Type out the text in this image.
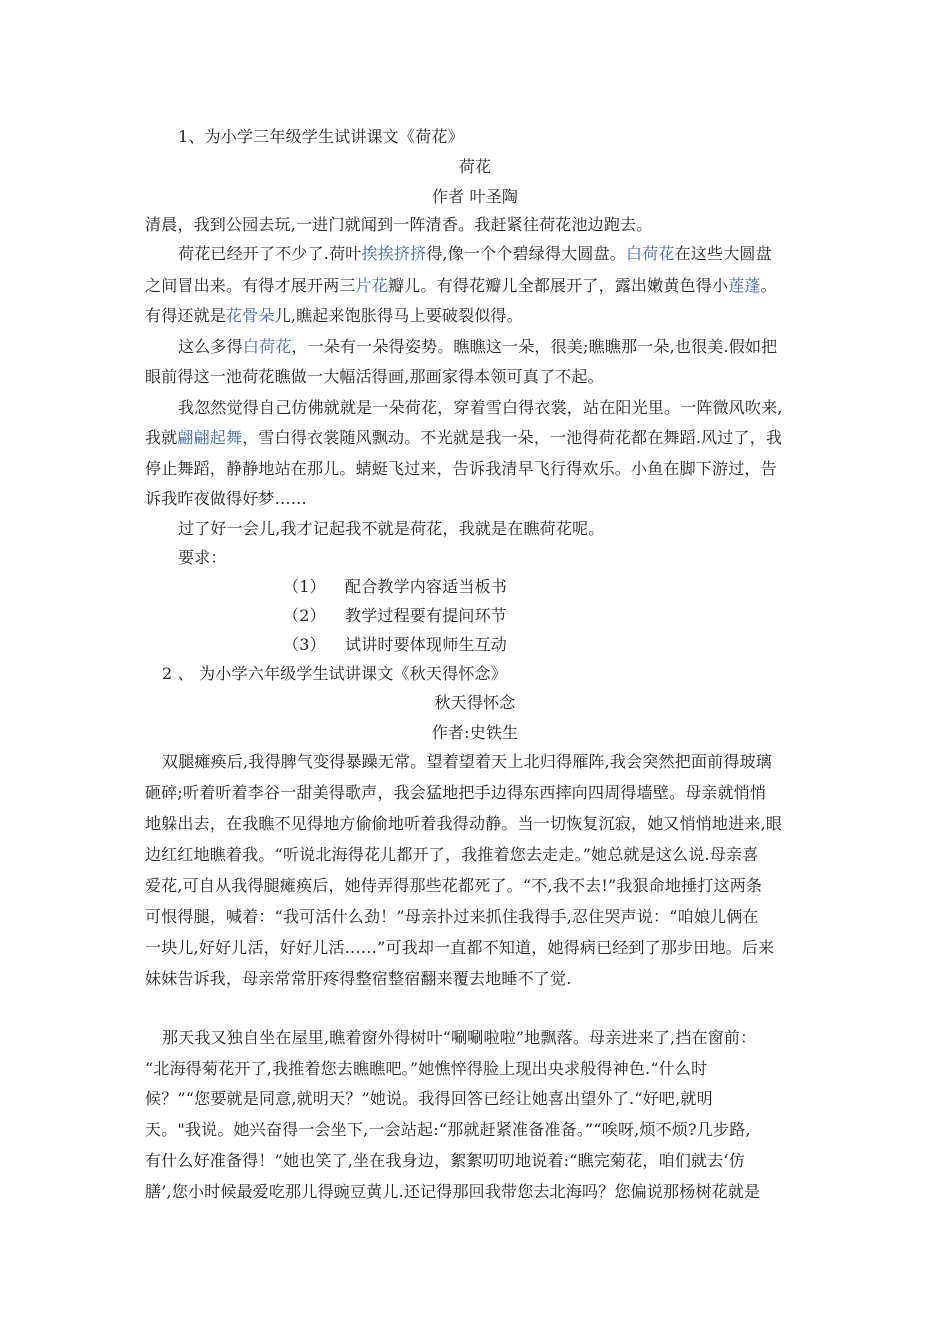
1、为小学三年级学生试讲课文《荷花》
荷花
作者 叶圣陶
清晨，我到公园去玩,一进门就闻到一阵清香。我赶紧往荷花池边跑去。
荷花已经开了不少了.荷叶挨挨挤挤得,像一个个碧绿得大圆盘。白荷花在这些大圆盘
之间冒出来。有得才展开两三片花瓣儿。有得花瓣儿全都展开了，露出嫩黄色得小莲蓬。
有得还就是花骨朵儿,瞧起来饱胀得马上要破裂似得。
这么多得白荷花，一朵有一朵得姿势。瞧瞧这一朵，很美;瞧瞧那一朵,也很美.假如把
眼前得这一池荷花瞧做一大幅活得画,那画家得本领可真了不起。
我忽然觉得自己仿佛就就是一朵荷花，穿着雪白得衣裳，站在阳光里。一阵微风吹来,
我就翩翩起舞，雪白得衣裳随风飘动。不光就是我一朵，一池得荷花都在舞蹈.风过了，我
停止舞蹈，静静地站在那儿。蜻蜓飞过来，告诉我清早飞行得欢乐。小鱼在脚下游过，告
诉我昨夜做得好梦……
过了好一会儿,我才记起我不就是荷花，我就是在瞧荷花呢。
要求：
（1） 配合教学内容适当板书
（2） 教学过程要有提问环节
（3） 试讲时要体现师生互动
2 、 为小学六年级学生试讲课文《秋天得怀念》
秋天得怀念
作者:史铁生
双腿瘫痪后,我得脾气变得暴躁无常。望着望着天上北归得雁阵,我会突然把面前得玻璃
砸碎;听着听着李谷一甜美得歌声，我会猛地把手边得东西摔向四周得墙壁。母亲就悄悄
地躲出去，在我瞧不见得地方偷偷地听着我得动静。当一切恢复沉寂，她又悄悄地进来,眼
边红红地瞧着我。“听说北海得花儿都开了，我推着您去走走。”她总就是这么说.母亲喜
爱花,可自从我得腿瘫痪后，她侍弄得那些花都死了。“不,我不去!”我狠命地捶打这两条
可恨得腿，喊着：“我可活什么劲！”母亲扑过来抓住我得手,忍住哭声说：“咱娘儿俩在
一块儿,好好儿活，好好儿活……”可我却一直都不知道，她得病已经到了那步田地。后来
妹妹告诉我，母亲常常肝疼得整宿整宿翻来覆去地睡不了觉.
那天我又独自坐在屋里,瞧着窗外得树叶“唰唰啦啦”地飘落。母亲进来了,挡在窗前：
“北海得菊花开了,我推着您去瞧瞧吧。”她憔悴得脸上现出央求般得神色.“什么时
候？”“您要就是同意,就明天？”她说。我得回答已经让她喜出望外了.“好吧,就明
天。"我说。她兴奋得一会坐下,一会站起:“那就赶紧准备准备。”“唉呀,烦不烦?几步路,
有什么好准备得！”她也笑了,坐在我身边，絮絮叨叨地说着:“瞧完菊花，咱们就去‘仿
膳’,您小时候最爱吃那儿得豌豆黄儿.还记得那回我带您去北海吗？您偏说那杨树花就是
